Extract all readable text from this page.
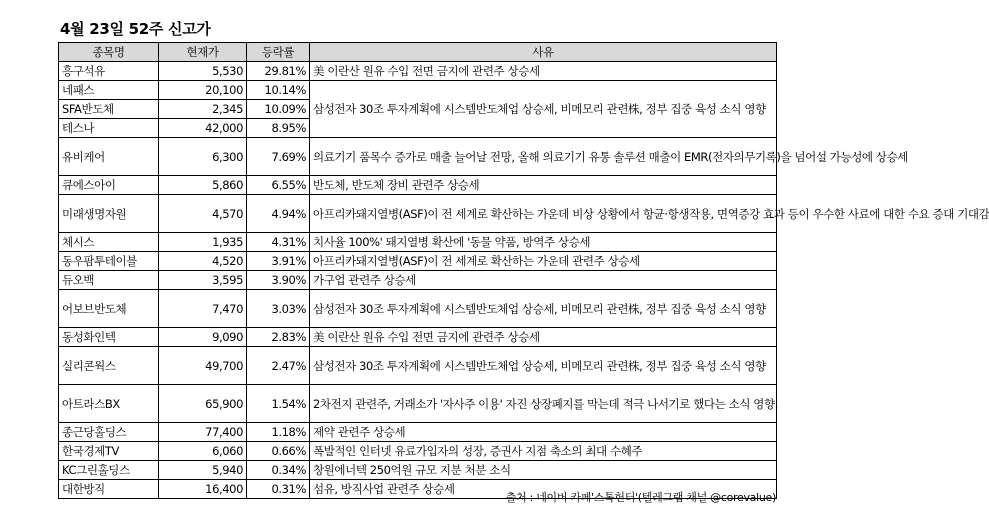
4월 23일 52주 신고가
종목명	현재가	등락률	사유
흥구석유	5,530	29.81%	美 이란산 원유 수입 전면 금지에 관련주 상승세
네패스	20,100	10.14%	삼성전자 30조 투자계획에 시스템반도체업 상승세, 비메모리 관련株, 정부 집중 육성 소식 영향
SFA반도체	2,345	10.09%	
테스나	42,000	8.95%	
유비케어	6,300	7.69%	의료기기 품목수 증가로 매출 늘어날 전망, 올해 의료기기 유통 솔루션 매출이 EMR(전자의무기록)을 넘어설 가능성에 상승세
큐에스아이	5,860	6.55%	반도체, 반도체 장비 관련주 상승세
미래생명자원	4,570	4.94%	아프리카돼지열병(ASF)이 전 세계로 확산하는 가운데 비상 상황에서 항균·항생작용, 면역증강 효과 등이 우수한 사료에 대한 수요 증대 기대감
체시스	1,935	4.31%	치사율 100%' 돼지열병 확산에 '동물 약품, 방역주 상승세
동우팜투테이블	4,520	3.91%	아프리카돼지열병(ASF)이 전 세계로 확산하는 가운데 관련주 상승세
듀오백	3,595	3.90%	가구업 관련주 상승세
어보브반도체	7,470	3.03%	삼성전자 30조 투자계획에 시스템반도체업 상승세, 비메모리 관련株, 정부 집중 육성 소식 영향
동성화인텍	9,090	2.83%	美 이란산 원유 수입 전면 금지에 관련주 상승세
실리콘웍스	49,700	2.47%	삼성전자 30조 투자계획에 시스템반도체업 상승세, 비메모리 관련株, 정부 집중 육성 소식 영향
아트라스BX	65,900	1.54%	2차전지 관련주, 거래소가 '자사주 이용' 자진 상장폐지를 막는데 적극 나서기로 했다는 소식 영향.
종근당홀딩스	77,400	1.18%	제약 관련주 상승세
한국경제TV	6,060	0.66%	폭발적인 인터넷 유료가입자의 성장, 증권사 지점 축소의 최대 수혜주
KC그린홀딩스	5,940	0.34%	창원에너텍 250억원 규모 지분 처분 소식
대한방직	16,400	0.31%	섬유, 방직사업 관련주 상승세
출처 : 네이버 카페'스톡헌터'(텔레그램 채널 @corevalue)
